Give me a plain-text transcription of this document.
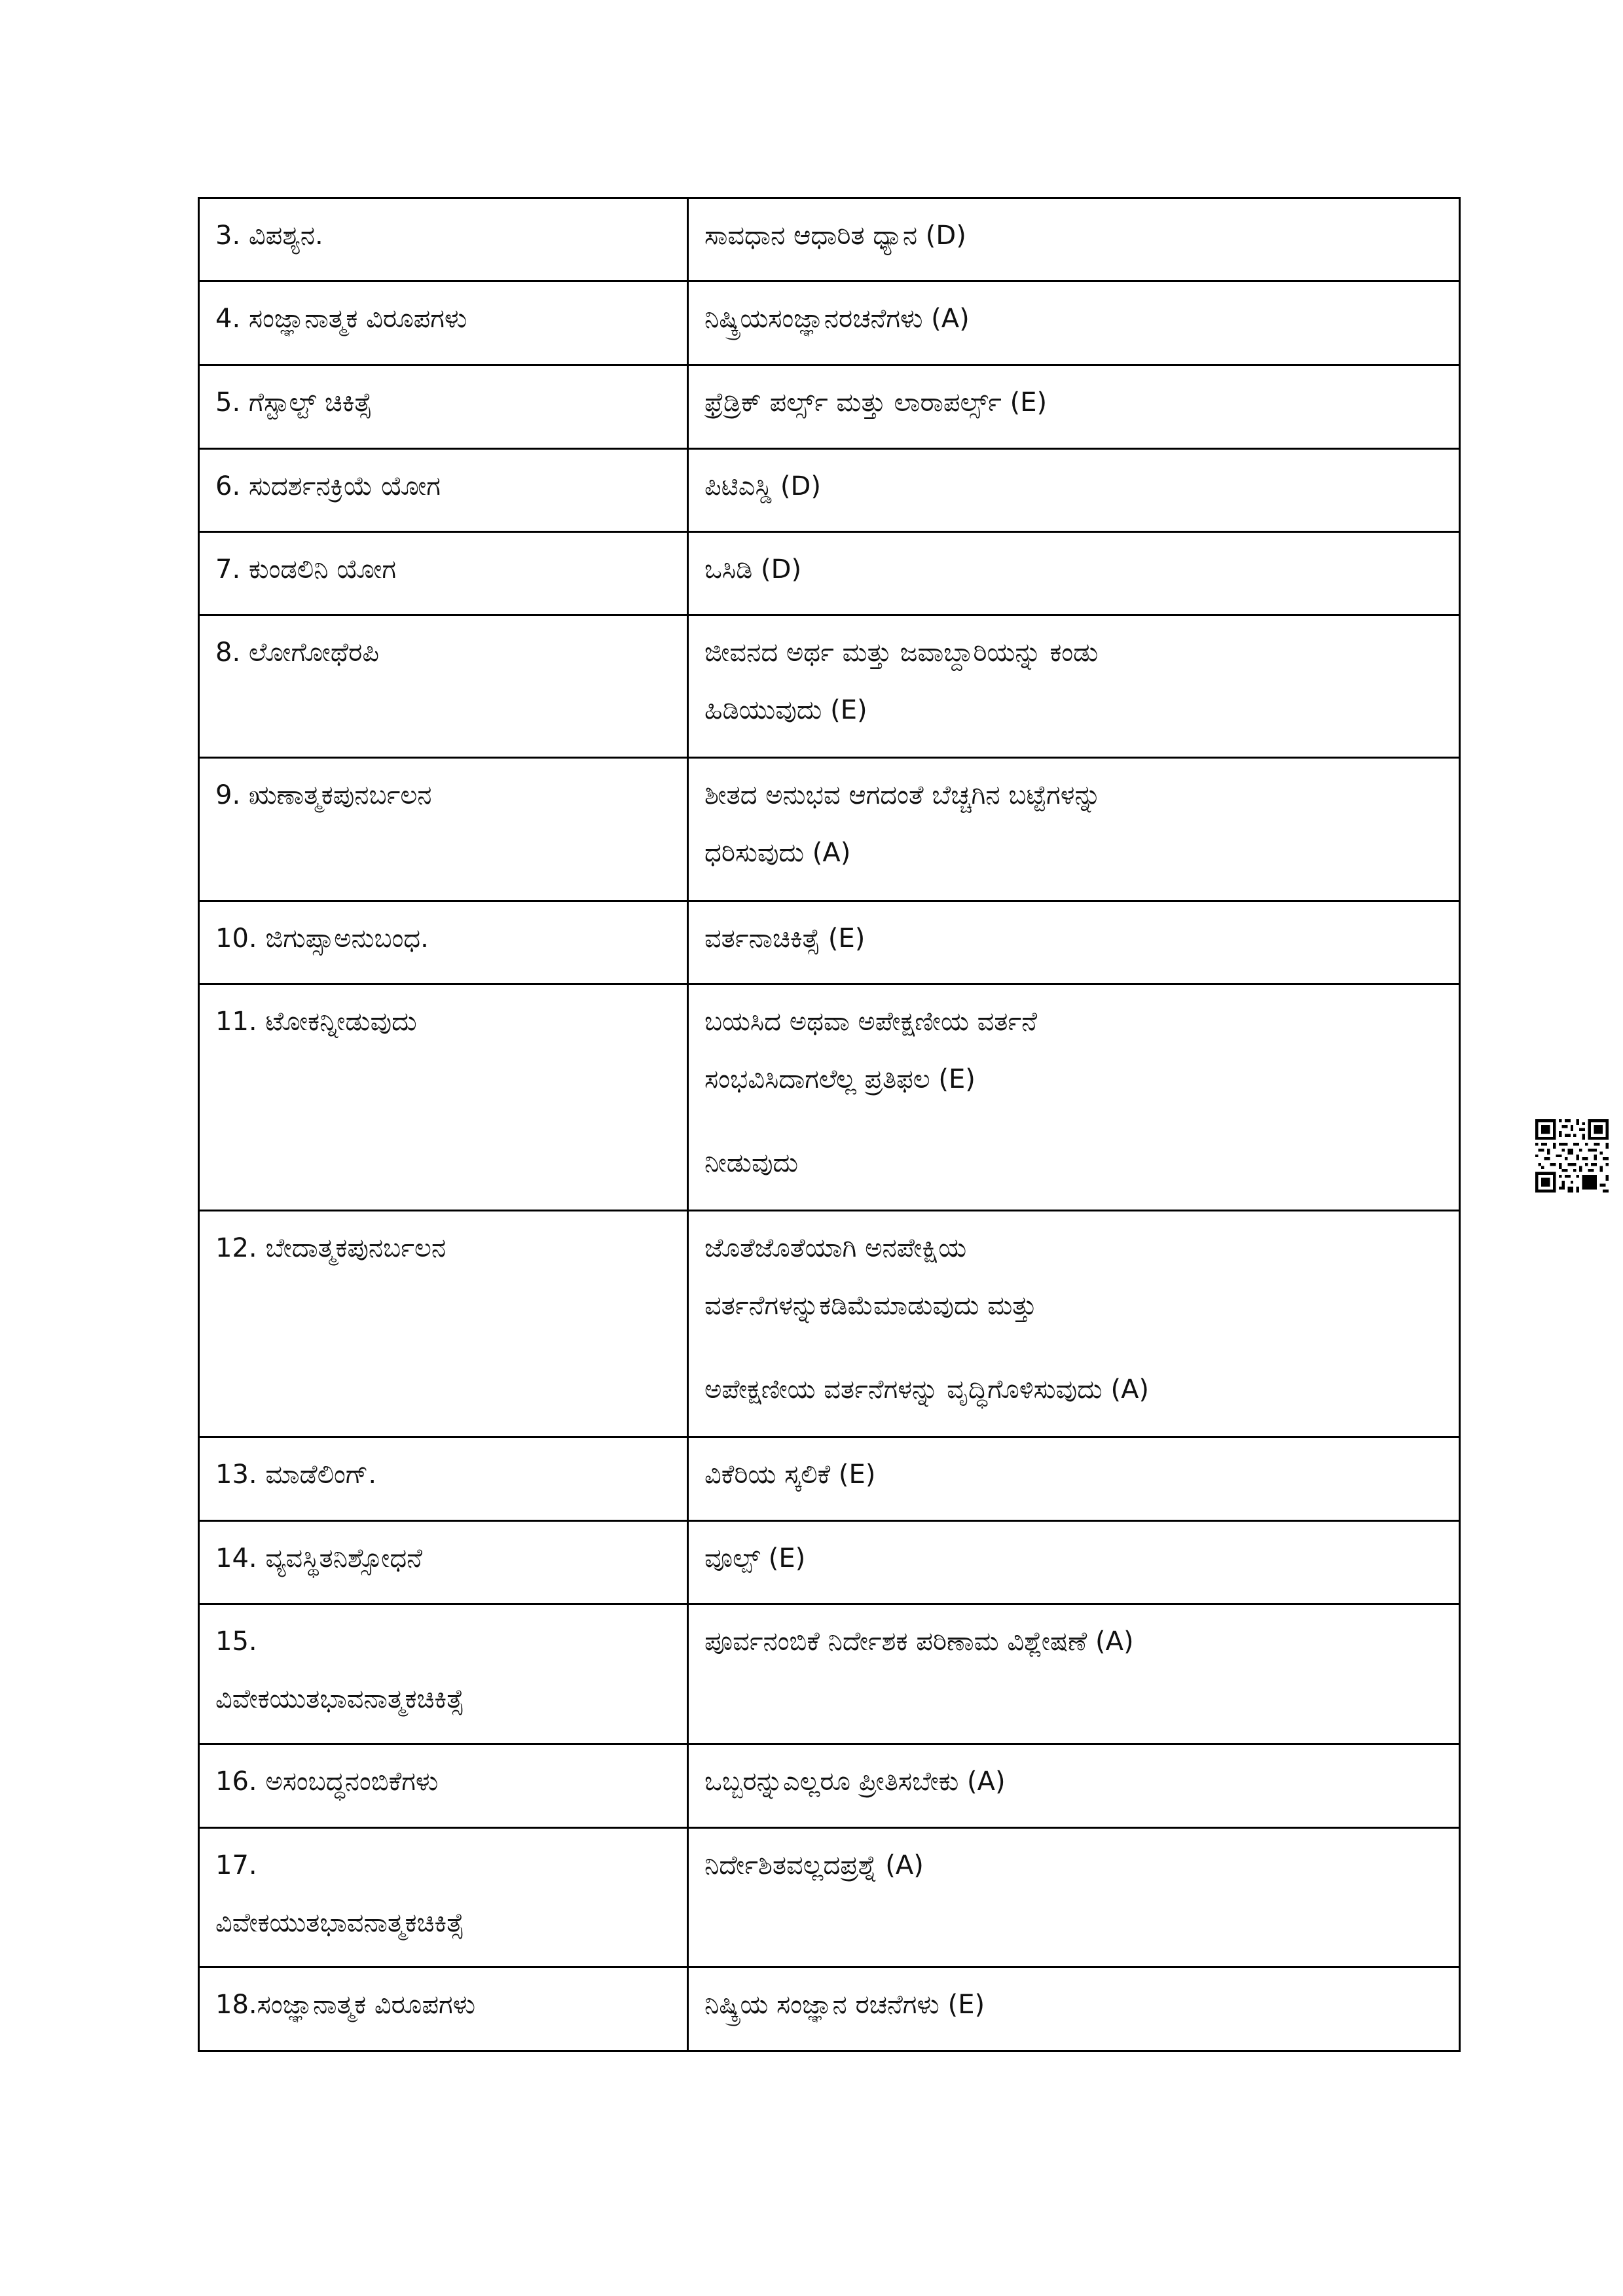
3. ವಿಪಶ್ಯನ.	ಸಾವಧಾನ ಆಧಾರಿತ ಧ್ಯಾನ (D)

4. ಸಂಜ್ಞಾನಾತ್ಮಕ ವಿರೂಪಗಳು	ನಿಷ್ಕ್ರಿಯಸಂಜ್ಞಾನರಚನೆಗಳು (A)

5. ಗೆಸ್ಟಾಲ್ಟ್ ಚಿಕಿತ್ಸೆ	ಫ್ರೆಡ್ರಿಕ್ ಪರ್ಲ್ಸ್ ಮತ್ತು ಲಾರಾಪರ್ಲ್ಸ್ (E)

6. ಸುದರ್ಶನಕ್ರಿಯೆ ಯೋಗ	ಪಿಟಿಎಸ್ಡಿ (D)

7. ಕುಂಡಲಿನಿ ಯೋಗ	ಒಸಿಡಿ (D)

8. ಲೋಗೋಥೆರಪಿ	ಜೀವನದ ಅರ್ಥ ಮತ್ತು ಜವಾಬ್ದಾರಿಯನ್ನು ಕಂಡು
ಹಿಡಿಯುವುದು (E)

9. ಋಣಾತ್ಮಕಪುನರ್ಬಲನ	ಶೀತದ ಅನುಭವ ಆಗದಂತೆ ಬೆಚ್ಚಗಿನ ಬಟ್ಟೆಗಳನ್ನು
ಧರಿಸುವುದು (A)

10. ಜಿಗುಪ್ಸಾಅನುಬಂಧ.	ವರ್ತನಾಚಿಕಿತ್ಸೆ (E)

11. ಟೋಕನ್ನೀಡುವುದು	ಬಯಸಿದ ಅಥವಾ ಅಪೇಕ್ಷಣೀಯ ವರ್ತನೆ
ಸಂಭವಿಸಿದಾಗಲೆಲ್ಲ ಪ್ರತಿಫಲ (E)
ನೀಡುವುದು

12. ಬೇದಾತ್ಮಕಪುನರ್ಬಲನ	ಜೊತೆಜೊತೆಯಾಗಿ ಅನಪೇಕ್ಷಿಯ
ವರ್ತನೆಗಳನ್ನುಕಡಿಮೆಮಾಡುವುದು ಮತ್ತು
ಅಪೇಕ್ಷಣೀಯ ವರ್ತನೆಗಳನ್ನು ವೃದ್ಧಿಗೊಳಿಸುವುದು (A)

13. ಮಾಡೆಲಿಂಗ್.	ವಿಕೆರಿಯ ಸ್ಕಲಿಕೆ (E)

14. ವ್ಯವಸ್ಥಿತನಿಶ್ಸೋಧನೆ	ವೂಲ್ಪ್ (E)

15.
ವಿವೇಕಯುತಭಾವನಾತ್ಮಕಚಿಕಿತ್ಸೆ	ಪೂರ್ವನಂಬಿಕೆ ನಿರ್ದೇಶಕ ಪರಿಣಾಮ ವಿಶ್ಲೇಷಣೆ (A)

16. ಅಸಂಬದ್ಧನಂಬಿಕೆಗಳು	ಒಬ್ಬರನ್ನುಎಲ್ಲರೂ ಪ್ರೀತಿಸಬೇಕು (A)

17.
ವಿವೇಕಯುತಭಾವನಾತ್ಮಕಚಿಕಿತ್ಸೆ	ನಿರ್ದೇಶಿತವಲ್ಲದಪ್ರಶ್ನೆ (A)

18.ಸಂಜ್ಞಾನಾತ್ಮಕ ವಿರೂಪಗಳು	ನಿಷ್ಕ್ರಿಯ ಸಂಜ್ಞಾನ ರಚನೆಗಳು (E)
